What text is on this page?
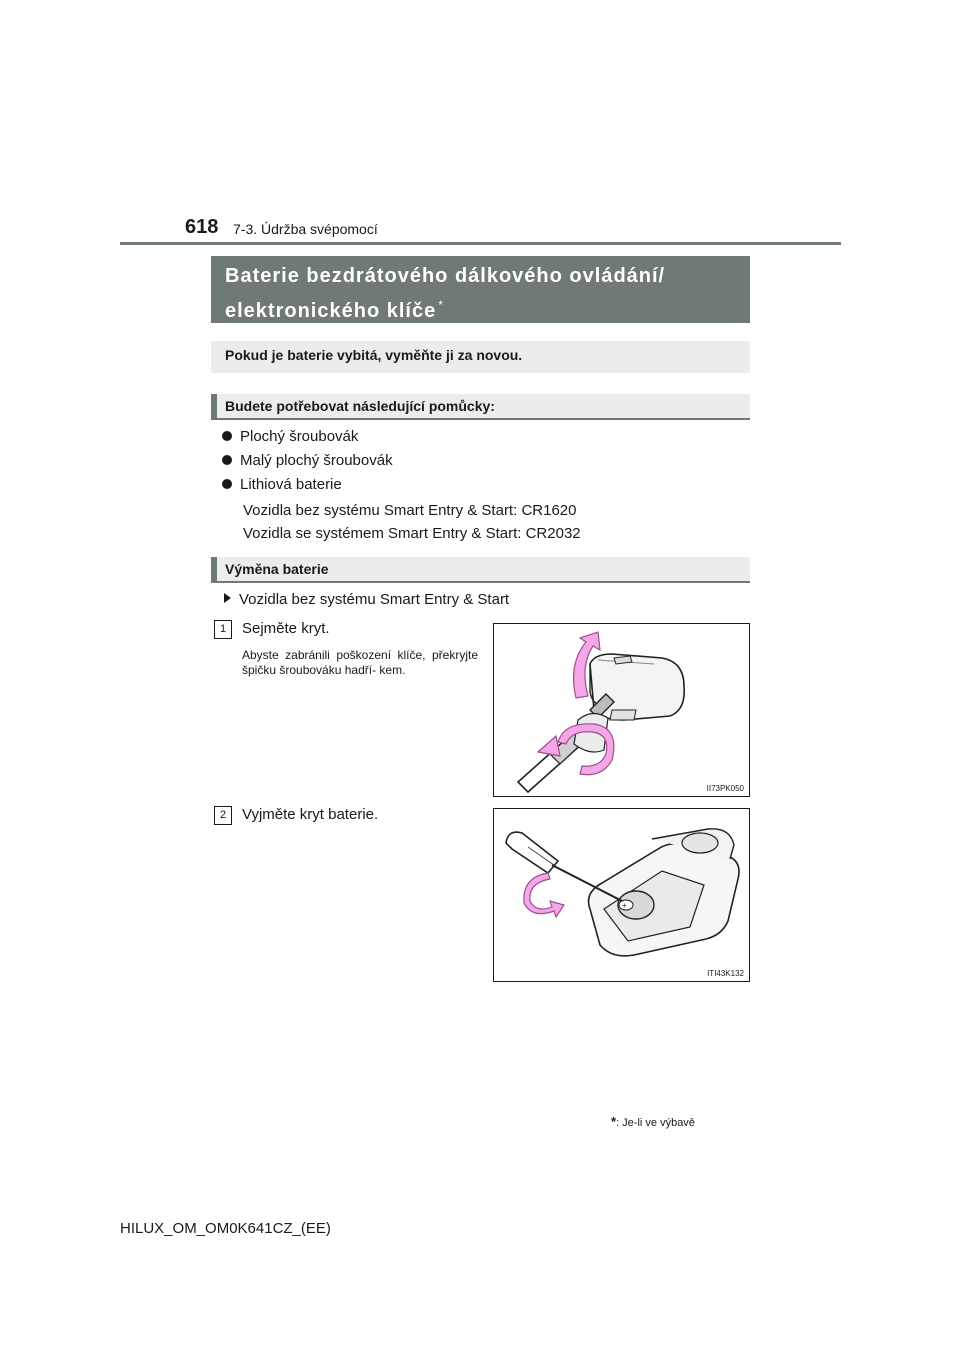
618 7-3. Údržba svépomocí
Baterie bezdrátového dálkového ovládání/ elektronického klíče *
Pokud je baterie vybitá, vyměňte ji za novou.
Budete potřebovat následující pomůcky:
Plochý šroubovák
Malý plochý šroubovák
Lithiová baterie
Vozidla bez systému Smart Entry & Start: CR1620
Vozidla se systémem Smart Entry & Start: CR2032
Výměna baterie
Vozidla bez systému Smart Entry & Start
1	Sejměte kryt.
Abyste zabránili poškození klíče, překryjte špičku šroubováku hadří- kem.
II73PK050
2	Vyjměte kryt baterie.
+
ITI43K132
*: Je-li ve výbavě
HILUX_OM_OM0K641CZ_(EE)
